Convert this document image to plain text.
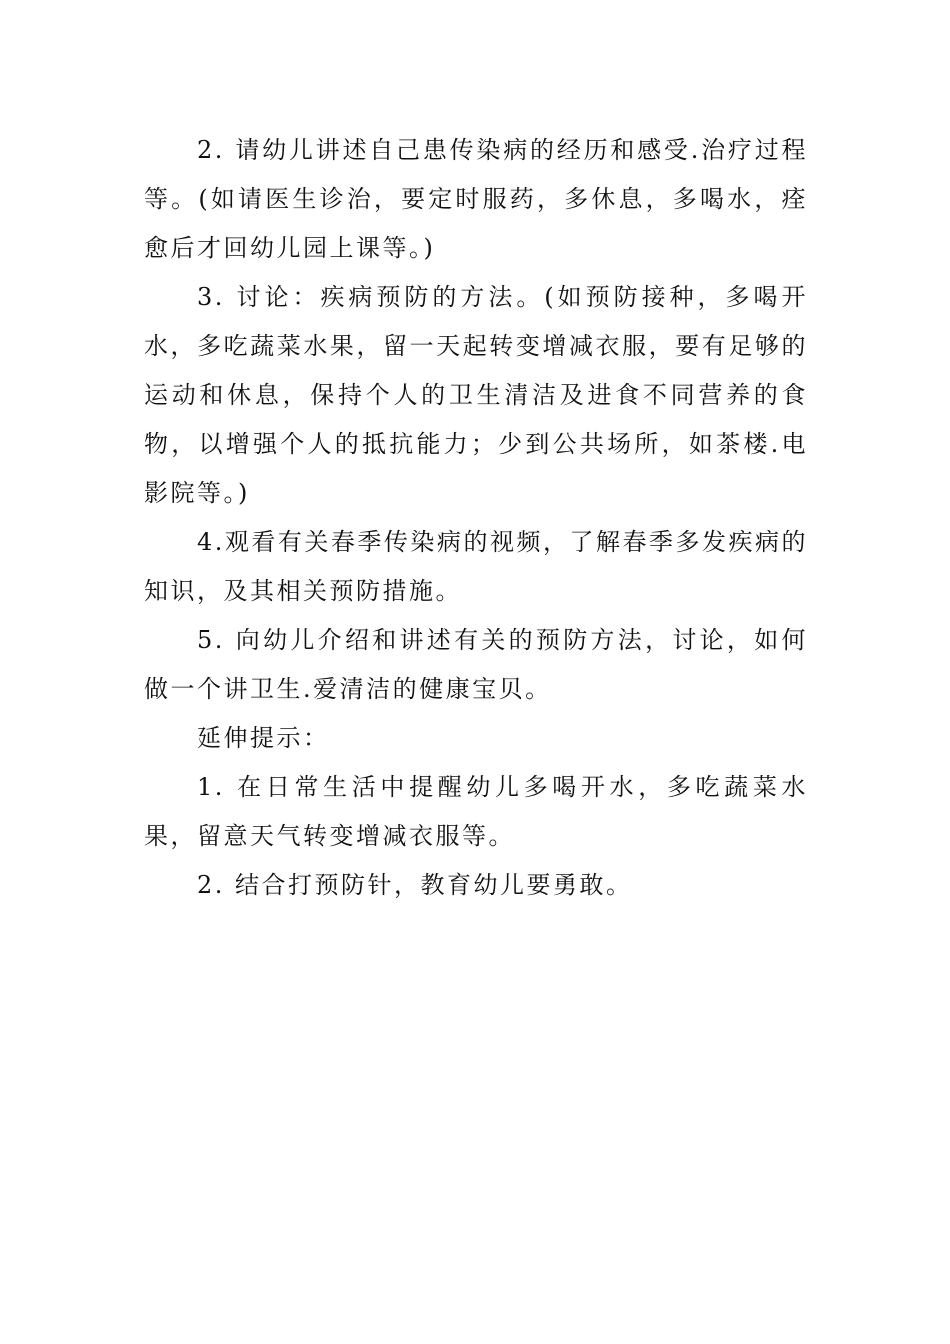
2. 请幼儿讲述自己患传染病的经历和感受.治疗过程等。(如请医生诊治，要定时服药，多休息，多喝水，痊愈后才回幼儿园上课等。)

3. 讨论：疾病预防的方法。(如预防接种，多喝开水，多吃蔬菜水果，留一天起转变增减衣服，要有足够的运动和休息，保持个人的卫生清洁及进食不同营养的食物，以增强个人的抵抗能力；少到公共场所，如茶楼.电影院等。)

4.观看有关春季传染病的视频，了解春季多发疾病的知识，及其相关预防措施。

5. 向幼儿介绍和讲述有关的预防方法，讨论，如何做一个讲卫生.爱清洁的健康宝贝。

延伸提示：

1. 在日常生活中提醒幼儿多喝开水，多吃蔬菜水果，留意天气转变增减衣服等。

2. 结合打预防针，教育幼儿要勇敢。
